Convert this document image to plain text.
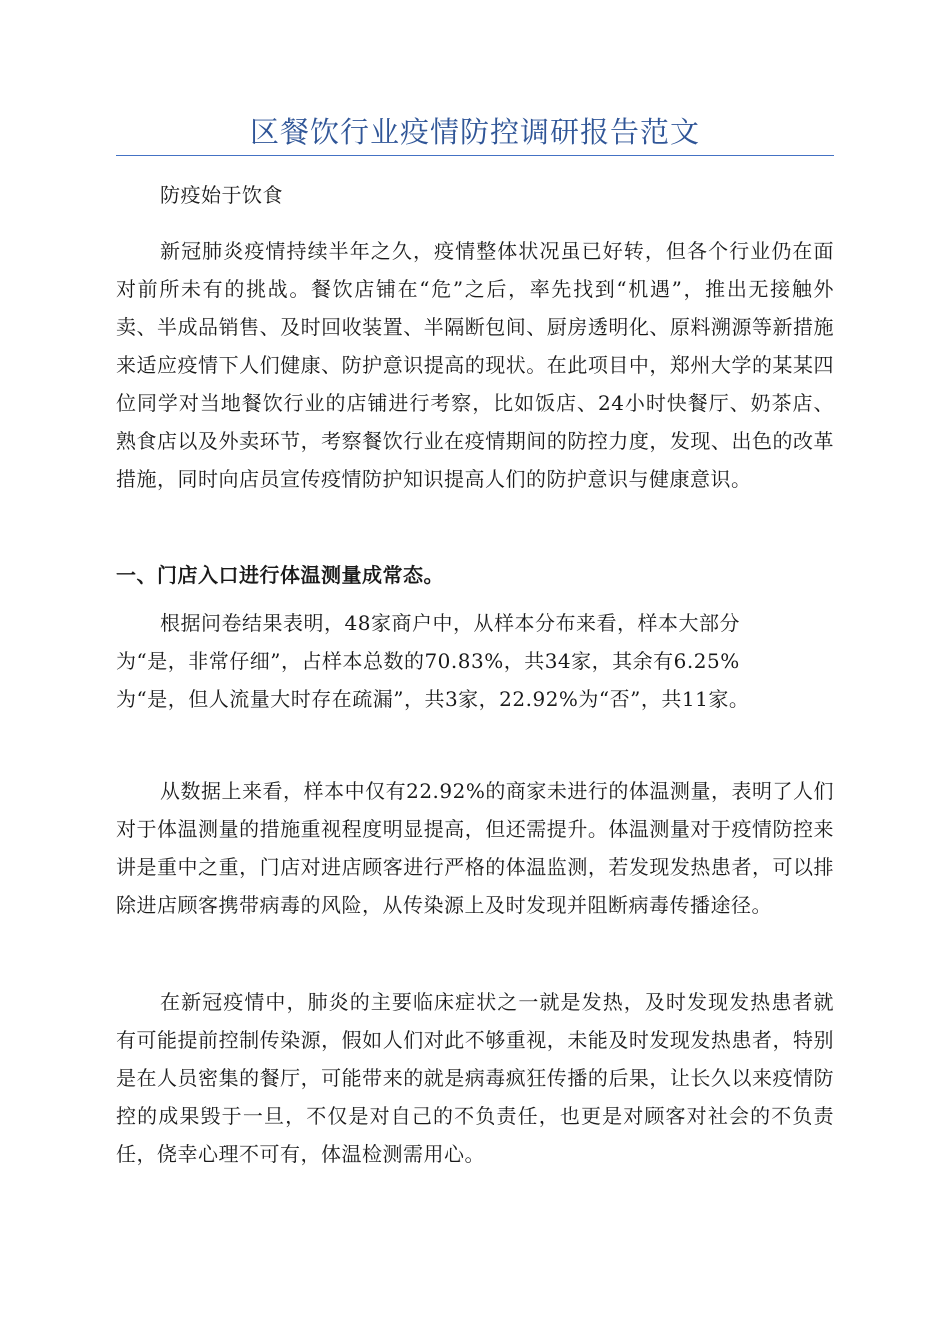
区餐饮行业疫情防控调研报告范文

防疫始于饮食

新冠肺炎疫情持续半年之久，疫情整体状况虽已好转，但各个行业仍在面对前所未有的挑战。餐饮店铺在“危”之后，率先找到“机遇”，推出无接触外卖、半成品销售、及时回收装置、半隔断包间、厨房透明化、原料溯源等新措施来适应疫情下人们健康、防护意识提高的现状。在此项目中，郑州大学的某某四位同学对当地餐饮行业的店铺进行考察，比如饭店、24小时快餐厅、奶茶店、熟食店以及外卖环节，考察餐饮行业在疫情期间的防控力度，发现、出色的改革措施，同时向店员宣传疫情防护知识提高人们的防护意识与健康意识。

一、门店入口进行体温测量成常态。

根据问卷结果表明，48家商户中，从样本分布来看，样本大部分为“是，非常仔细”，占样本总数的70.83%，共34家，其余有6.25%为“是，但人流量大时存在疏漏”，共3家，22.92%为“否”，共11家。

从数据上来看，样本中仅有22.92%的商家未进行的体温测量，表明了人们对于体温测量的措施重视程度明显提高，但还需提升。体温测量对于疫情防控来讲是重中之重，门店对进店顾客进行严格的体温监测，若发现发热患者，可以排除进店顾客携带病毒的风险，从传染源上及时发现并阻断病毒传播途径。

在新冠疫情中，肺炎的主要临床症状之一就是发热，及时发现发热患者就有可能提前控制传染源，假如人们对此不够重视，未能及时发现发热患者，特别是在人员密集的餐厅，可能带来的就是病毒疯狂传播的后果，让长久以来疫情防控的成果毁于一旦，不仅是对自己的不负责任，也更是对顾客对社会的不负责任，侥幸心理不可有，体温检测需用心。
